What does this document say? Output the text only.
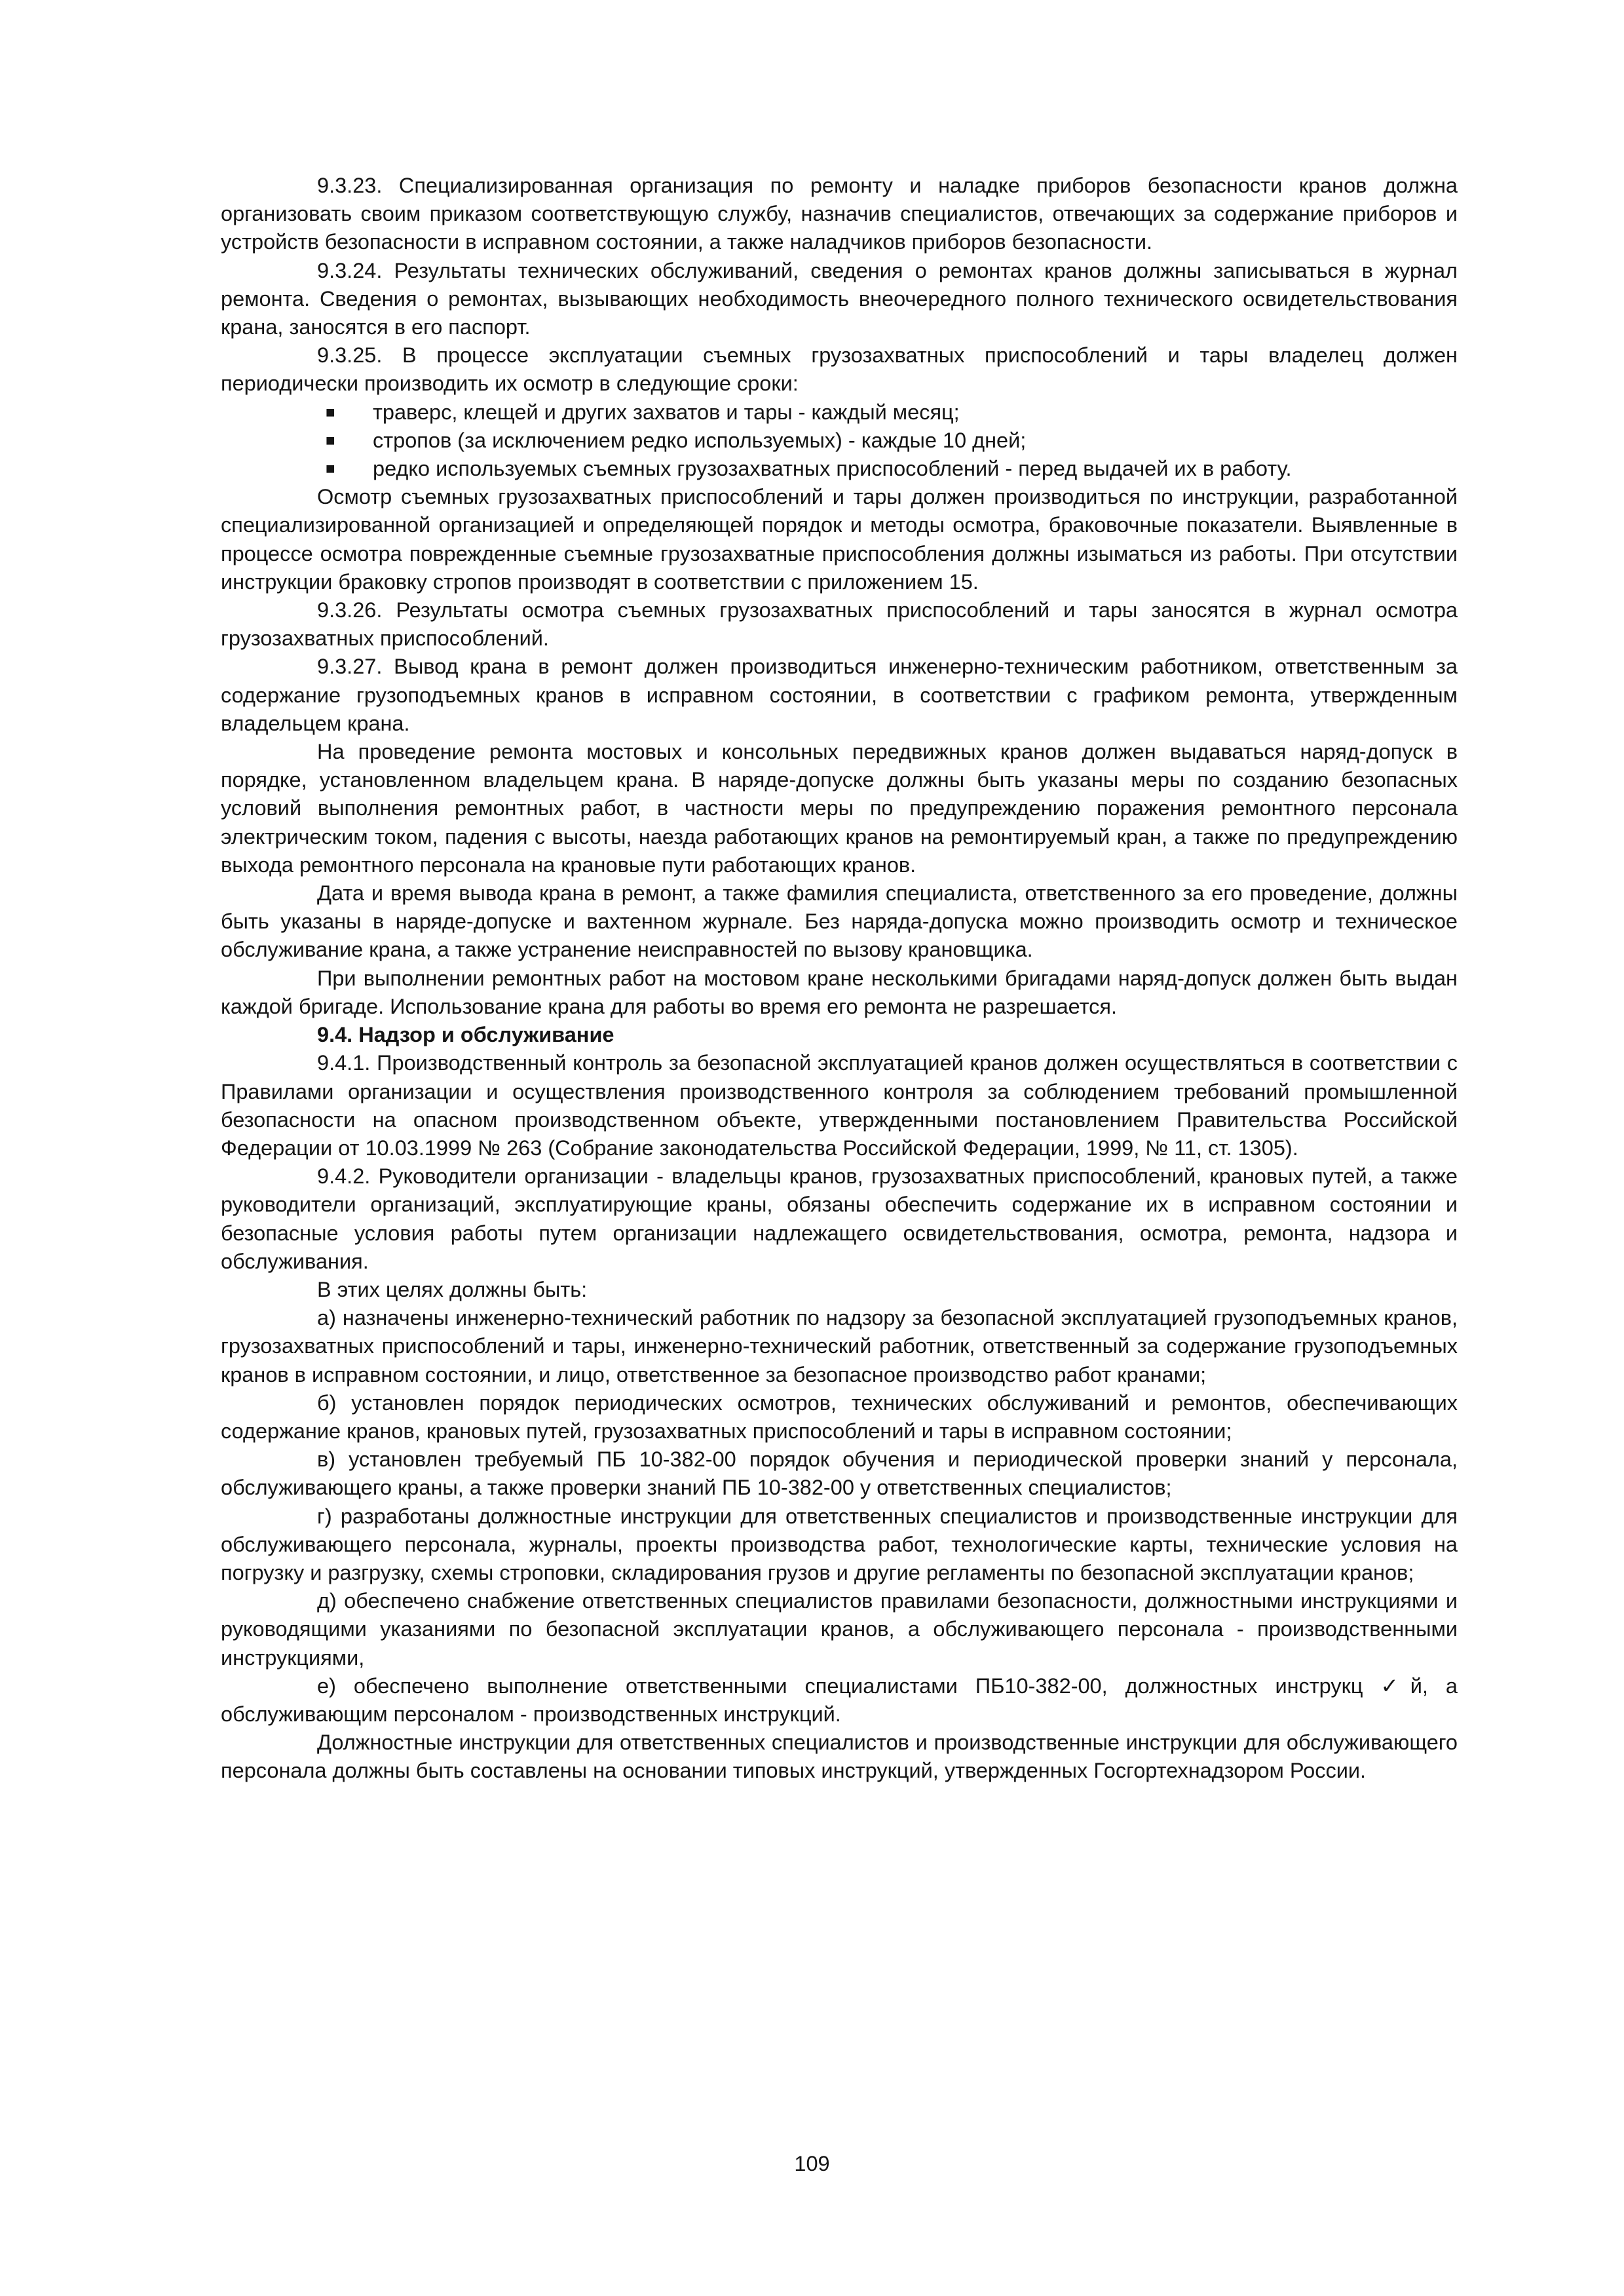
9.3.23. Специализированная организация по ремонту и наладке приборов безопасности кранов должна организовать своим приказом соответствующую службу, назначив специалистов, отвечающих за содержание приборов и устройств безопасности в исправном состоянии, а также наладчиков приборов безопасности.

9.3.24. Результаты технических обслуживаний, сведения о ремонтах кранов должны записываться в журнал ремонта. Сведения о ремонтах, вызывающих необходимость внеочередного полного технического освидетельствования крана, заносятся в его паспорт.

9.3.25. В процессе эксплуатации съемных грузозахватных приспособлений и тары владелец должен периодически производить их осмотр в следующие сроки:

■ траверс, клещей и других захватов и тары - каждый месяц;
■ стропов (за исключением редко используемых) - каждые 10 дней;
■ редко используемых съемных грузозахватных приспособлений - перед выдачей их в работу.

Осмотр съемных грузозахватных приспособлений и тары должен производиться по инструкции, разработанной специализированной организацией и определяющей порядок и методы осмотра, браковочные показатели. Выявленные в процессе осмотра поврежденные съемные грузозахватные приспособления должны изыматься из работы. При отсутствии инструкции браковку стропов производят в соответствии с приложением 15.

9.3.26. Результаты осмотра съемных грузозахватных приспособлений и тары заносятся в журнал осмотра грузозахватных приспособлений.

9.3.27. Вывод крана в ремонт должен производиться инженерно-техническим работником, ответственным за содержание грузоподъемных кранов в исправном состоянии, в соответствии с графиком ремонта, утвержденным владельцем крана.

На проведение ремонта мостовых и консольных передвижных кранов должен выдаваться наряд-допуск в порядке, установленном владельцем крана. В наряде-допуске должны быть указаны меры по созданию безопасных условий выполнения ремонтных работ, в частности меры по предупреждению поражения ремонтного персонала электрическим током, падения с высоты, наезда работающих кранов на ремонтируемый кран, а также по предупреждению выхода ремонтного персонала на крановые пути работающих кранов.

Дата и время вывода крана в ремонт, а также фамилия специалиста, ответственного за его проведение, должны быть указаны в наряде-допуске и вахтенном журнале. Без наряда-допуска можно производить осмотр и техническое обслуживание крана, а также устранение неисправностей по вызову крановщика.

При выполнении ремонтных работ на мостовом кране несколькими бригадами наряд-допуск должен быть выдан каждой бригаде. Использование крана для работы во время его ремонта не разрешается.

9.4. Надзор и обслуживание

9.4.1. Производственный контроль за безопасной эксплуатацией кранов должен осуществляться в соответствии с Правилами организации и осуществления производственного контроля за соблюдением требований промышленной безопасности на опасном производственном объекте, утвержденными постановлением Правительства Российской Федерации от 10.03.1999 № 263 (Собрание законодательства Российской Федерации, 1999, № 11, ст. 1305).

9.4.2. Руководители организации - владельцы кранов, грузозахватных приспособлений, крановых путей, а также руководители организаций, эксплуатирующие краны, обязаны обеспечить содержание их в исправном состоянии и безопасные условия работы путем организации надлежащего освидетельствования, осмотра, ремонта, надзора и обслуживания.

В этих целях должны быть:

а) назначены инженерно-технический работник по надзору за безопасной эксплуатацией грузоподъемных кранов, грузозахватных приспособлений и тары, инженерно-технический работник, ответственный за содержание грузоподъемных кранов в исправном состоянии, и лицо, ответственное за безопасное производство работ кранами;

б) установлен порядок периодических осмотров, технических обслуживаний и ремонтов, обеспечивающих содержание кранов, крановых путей, грузозахватных приспособлений и тары в исправном состоянии;

в) установлен требуемый ПБ 10-382-00 порядок обучения и периодической проверки знаний у персонала, обслуживающего краны, а также проверки знаний ПБ 10-382-00 у ответственных специалистов;

г) разработаны должностные инструкции для ответственных специалистов и производственные инструкции для обслуживающего персонала, журналы, проекты производства работ, технологические карты, технические условия на погрузку и разгрузку, схемы строповки, складирования грузов и другие регламенты по безопасной эксплуатации кранов;

д) обеспечено снабжение ответственных специалистов правилами безопасности, должностными инструкциями и руководящими указаниями по безопасной эксплуатации кранов, а обслуживающего персонала - производственными инструкциями,

е) обеспечено выполнение ответственными специалистами ПБ10-382-00, должностных инструкц ✓й, а обслуживающим персоналом - производственных инструкций.

Должностные инструкции для ответственных специалистов и производственные инструкции для обслуживающего персонала должны быть составлены на основании типовых инструкций, утвержденных Госгортехнадзором России.

109
